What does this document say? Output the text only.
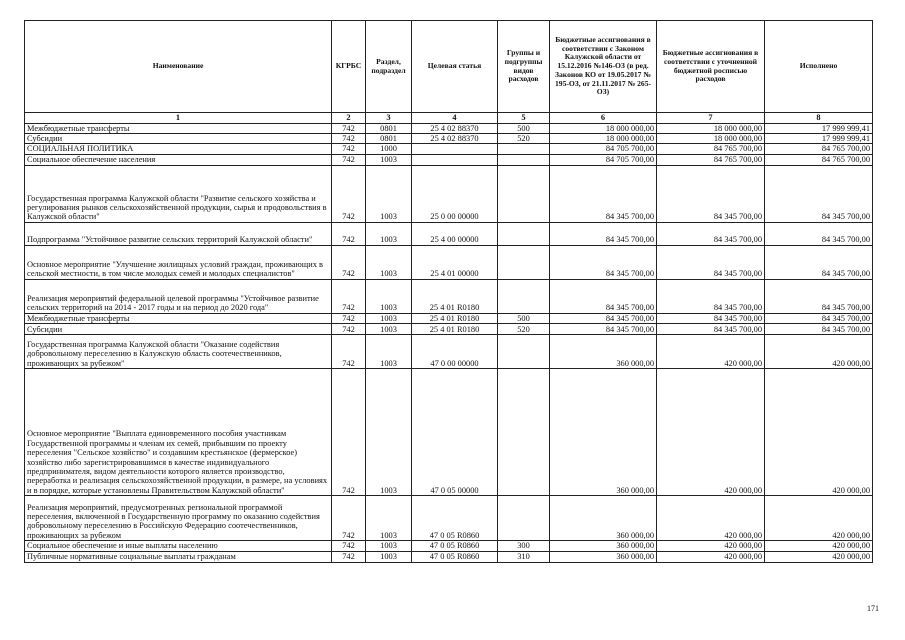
Наименование	КГРБС	Раздел, подраздел	Целевая статья	Группы и подгруппы видов расходов	Бюджетные ассигнования в соответствии с Законом Калужской области от 15.12.2016 №146-ОЗ (в ред. Законов КО от 19.05.2017 № 195-ОЗ, от 21.11.2017 № 265-ОЗ)	Бюджетные ассигнования в соответствии с уточненной бюджетной росписью расходов	Исполнено
1	2	3	4	5	6	7	8
Межбюджетные трансферты	742	0801	25 4 02 88370	500	18 000 000,00	18 000 000,00	17 999 999,41
Субсидии	742	0801	25 4 02 88370	520	18 000 000,00	18 000 000,00	17 999 999,41
СОЦИАЛЬНАЯ ПОЛИТИКА	742	1000			84 705 700,00	84 765 700,00	84 765 700,00
Социальное обеспечение населения	742	1003			84 705 700,00	84 765 700,00	84 765 700,00
Государственная программа Калужской области "Развитие сельского хозяйства и регулирования рынков сельскохозяйственной продукции, сырья и продовольствия в Калужской области"	742	1003	25 0 00 00000		84 345 700,00	84 345 700,00	84 345 700,00
Подпрограмма "Устойчивое развитие сельских территорий Калужской области"	742	1003	25 4 00 00000		84 345 700,00	84 345 700,00	84 345 700,00
Основное мероприятие "Улучшение жилищных условий граждан, проживающих в сельской местности, в том числе молодых семей и молодых специалистов"	742	1003	25 4 01 00000		84 345 700,00	84 345 700,00	84 345 700,00
Реализация мероприятий федеральной целевой программы "Устойчивое развитие сельских территорий на 2014 - 2017 годы и на период до 2020 года"	742	1003	25 4 01 R0180		84 345 700,00	84 345 700,00	84 345 700,00
Межбюджетные трансферты	742	1003	25 4 01 R0180	500	84 345 700,00	84 345 700,00	84 345 700,00
Субсидии	742	1003	25 4 01 R0180	520	84 345 700,00	84 345 700,00	84 345 700,00
Государственная программа Калужской области "Оказание содействия добровольному переселению в Калужскую область соотечественников, проживающих за рубежом"	742	1003	47 0 00 00000		360 000,00	420 000,00	420 000,00
Основное мероприятие "Выплата единовременного пособия участникам Государственной программы и членам их семей, прибывшим по проекту переселения "Сельское хозяйство" и создавшим крестьянское (фермерское) хозяйство либо зарегистрировавшимся в качестве индивидуального предпринимателя, видом деятельности которого является производство, переработка и реализация сельскохозяйственной продукции, в размере, на условиях и в порядке, которые установлены Правительством Калужской области"	742	1003	47 0 05 00000		360 000,00	420 000,00	420 000,00
Реализация мероприятий, предусмотренных региональной программой переселения, включенной в Государственную программу по оказанию содействия добровольному переселению в Российскую Федерацию соотечественников, проживающих за рубежом	742	1003	47 0 05 R0860		360 000,00	420 000,00	420 000,00
Социальное обеспечение и иные выплаты населению	742	1003	47 0 05 R0860	300	360 000,00	420 000,00	420 000,00
Публичные нормативные социальные выплаты гражданам	742	1003	47 0 05 R0860	310	360 000,00	420 000,00	420 000,00
171
